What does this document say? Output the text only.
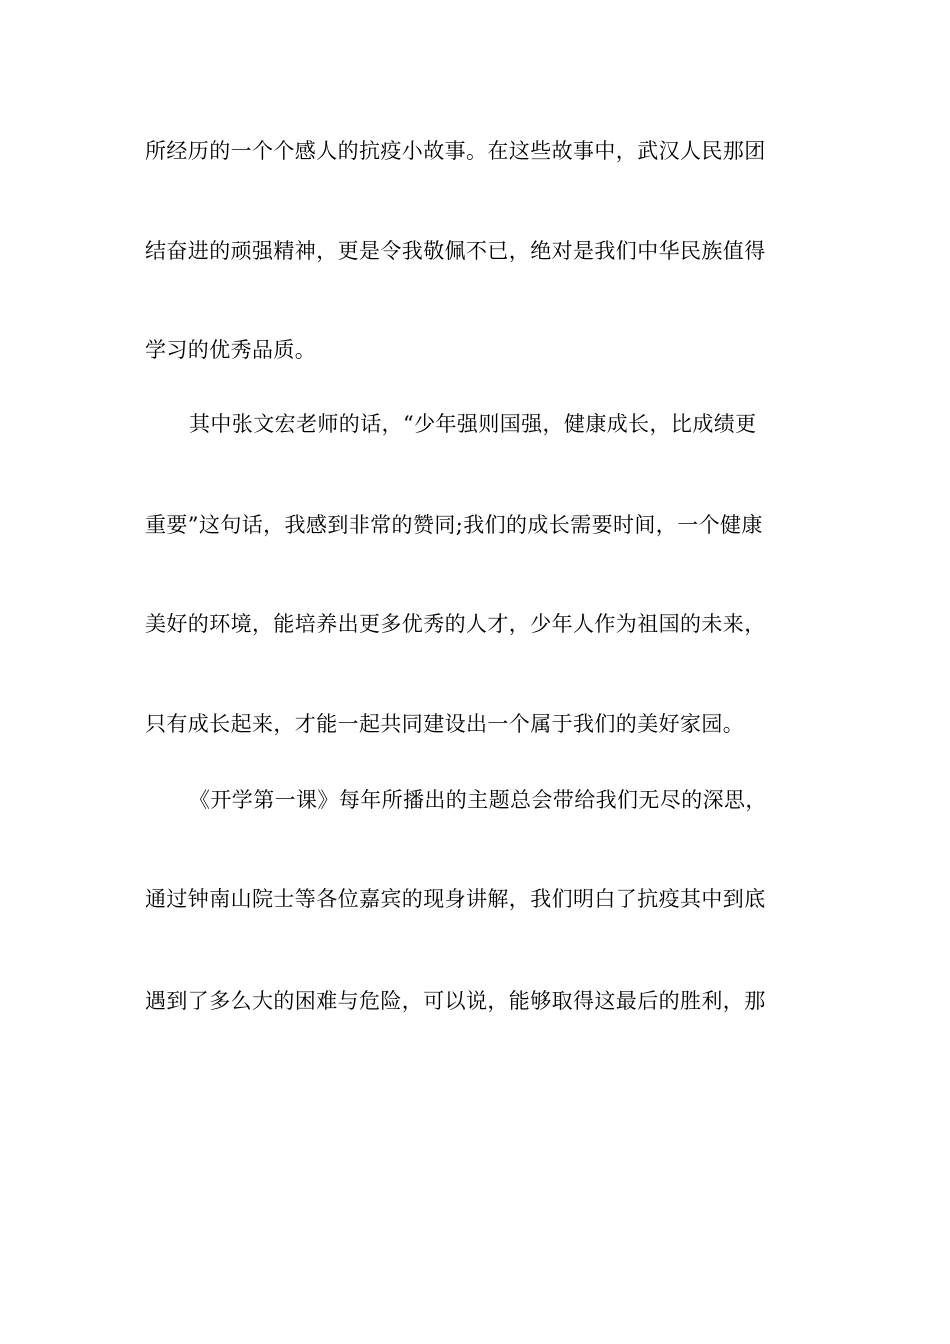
所经历的一个个感人的抗疫小故事。在这些故事中，武汉人民那团

结奋进的顽强精神，更是令我敬佩不已，绝对是我们中华民族值得

学习的优秀品质。

其中张文宏老师的话，“少年强则国强，健康成长，比成绩更

重要”这句话，我感到非常的赞同;我们的成长需要时间，一个健康

美好的环境，能培养出更多优秀的人才，少年人作为祖国的未来，

只有成长起来，才能一起共同建设出一个属于我们的美好家园。

《开学第一课》每年所播出的主题总会带给我们无尽的深思，

通过钟南山院士等各位嘉宾的现身讲解，我们明白了抗疫其中到底

遇到了多么大的困难与危险，可以说，能够取得这最后的胜利，那
